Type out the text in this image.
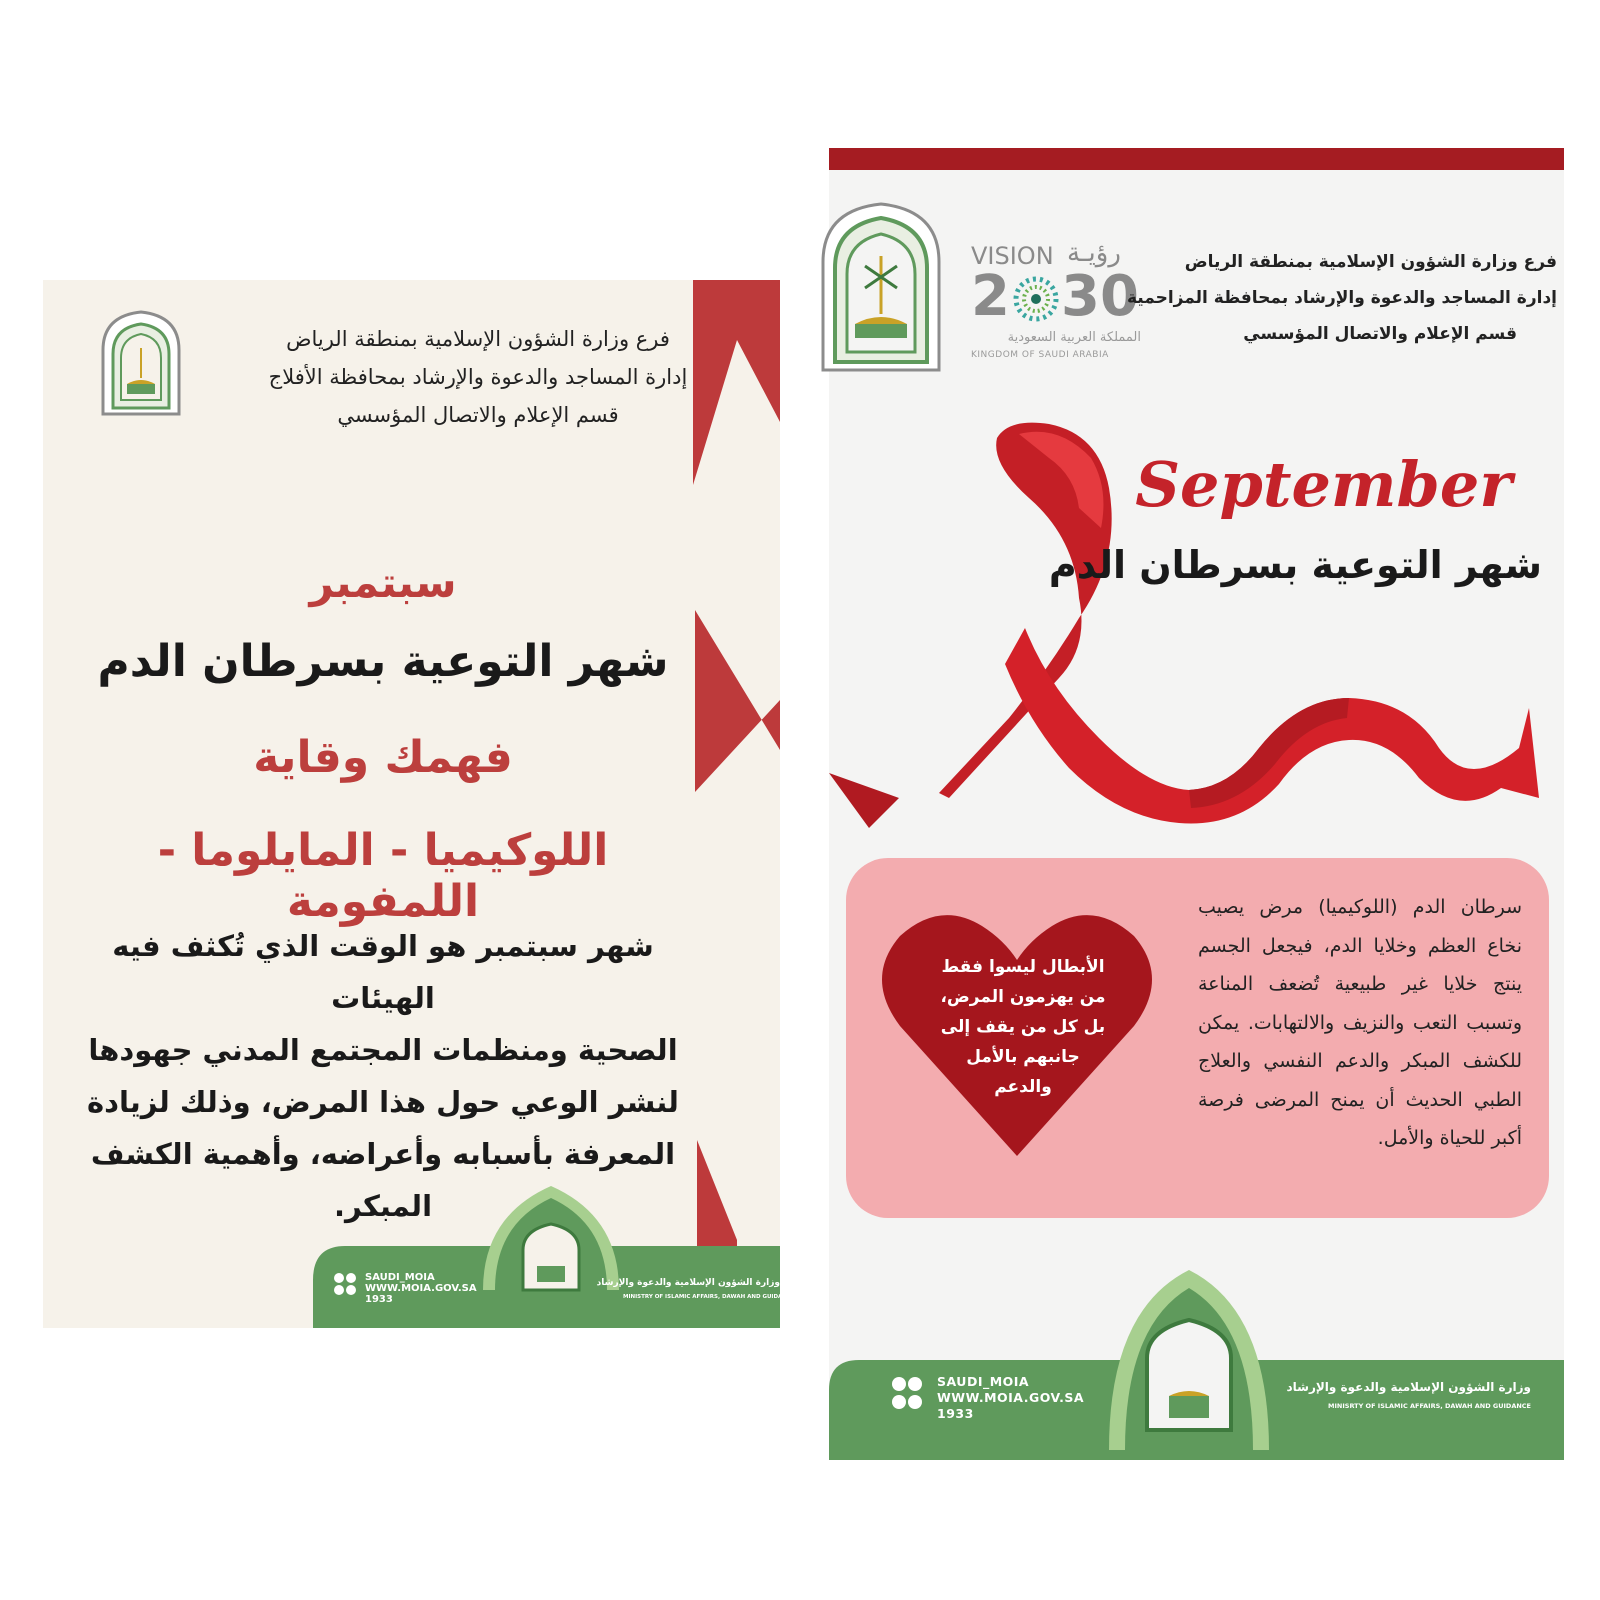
فرع وزارة الشؤون الإسلامية بمنطقة الرياض
إدارة المساجد والدعوة والإرشاد بمحافظة الأفلاج
قسم الإعلام والاتصال المؤسسي
سبتمبر
شهر التوعية بسرطان الدم
فهمك وقاية
اللوكيميا - المايلوما - اللمفومة
شهر سبتمبر هو الوقت الذي تُكثف فيه الهيئات
الصحية ومنظمات المجتمع المدني جهودها
لنشر الوعي حول هذا المرض، وذلك لزيادة
المعرفة بأسبابه وأعراضه، وأهمية الكشف
المبكر.
SAUDI_MOIA
WWW.MOIA.GOV.SA
1933
وزارة الشؤون الإسلامية والدعوة والإرشاد
MINISTRY OF ISLAMIC AFFAIRS, DAWAH AND GUIDANCE
VISION رؤيـة
2 30
المملكة العربية السعودية
KINGDOM OF SAUDI ARABIA
فرع وزارة الشؤون الإسلامية بمنطقة الرياض
إدارة المساجد والدعوة والإرشاد بمحافظة المزاحمية
قسم الإعلام والاتصال المؤسسي
September
شهر التوعية بسرطان الدم
الأبطال ليسوا فقط
من يهزمون المرض،
بل كل من يقف إلى
جانبهم بالأمل
والدعم
سرطان الدم (اللوكيميا) مرض يصيب نخاع العظم وخلايا الدم، فيجعل الجسم ينتج خلايا غير طبيعية تُضعف المناعة وتسبب التعب والنزيف والالتهابات. يمكن للكشف المبكر والدعم النفسي والعلاج الطبي الحديث أن يمنح المرضى فرصة أكبر للحياة والأمل.
SAUDI_MOIA
WWW.MOIA.GOV.SA
1933
وزارة الشؤون الإسلامية والدعوة والإرشاد
MINISRTY OF ISLAMIC AFFAIRS, DAWAH AND GUIDANCE
